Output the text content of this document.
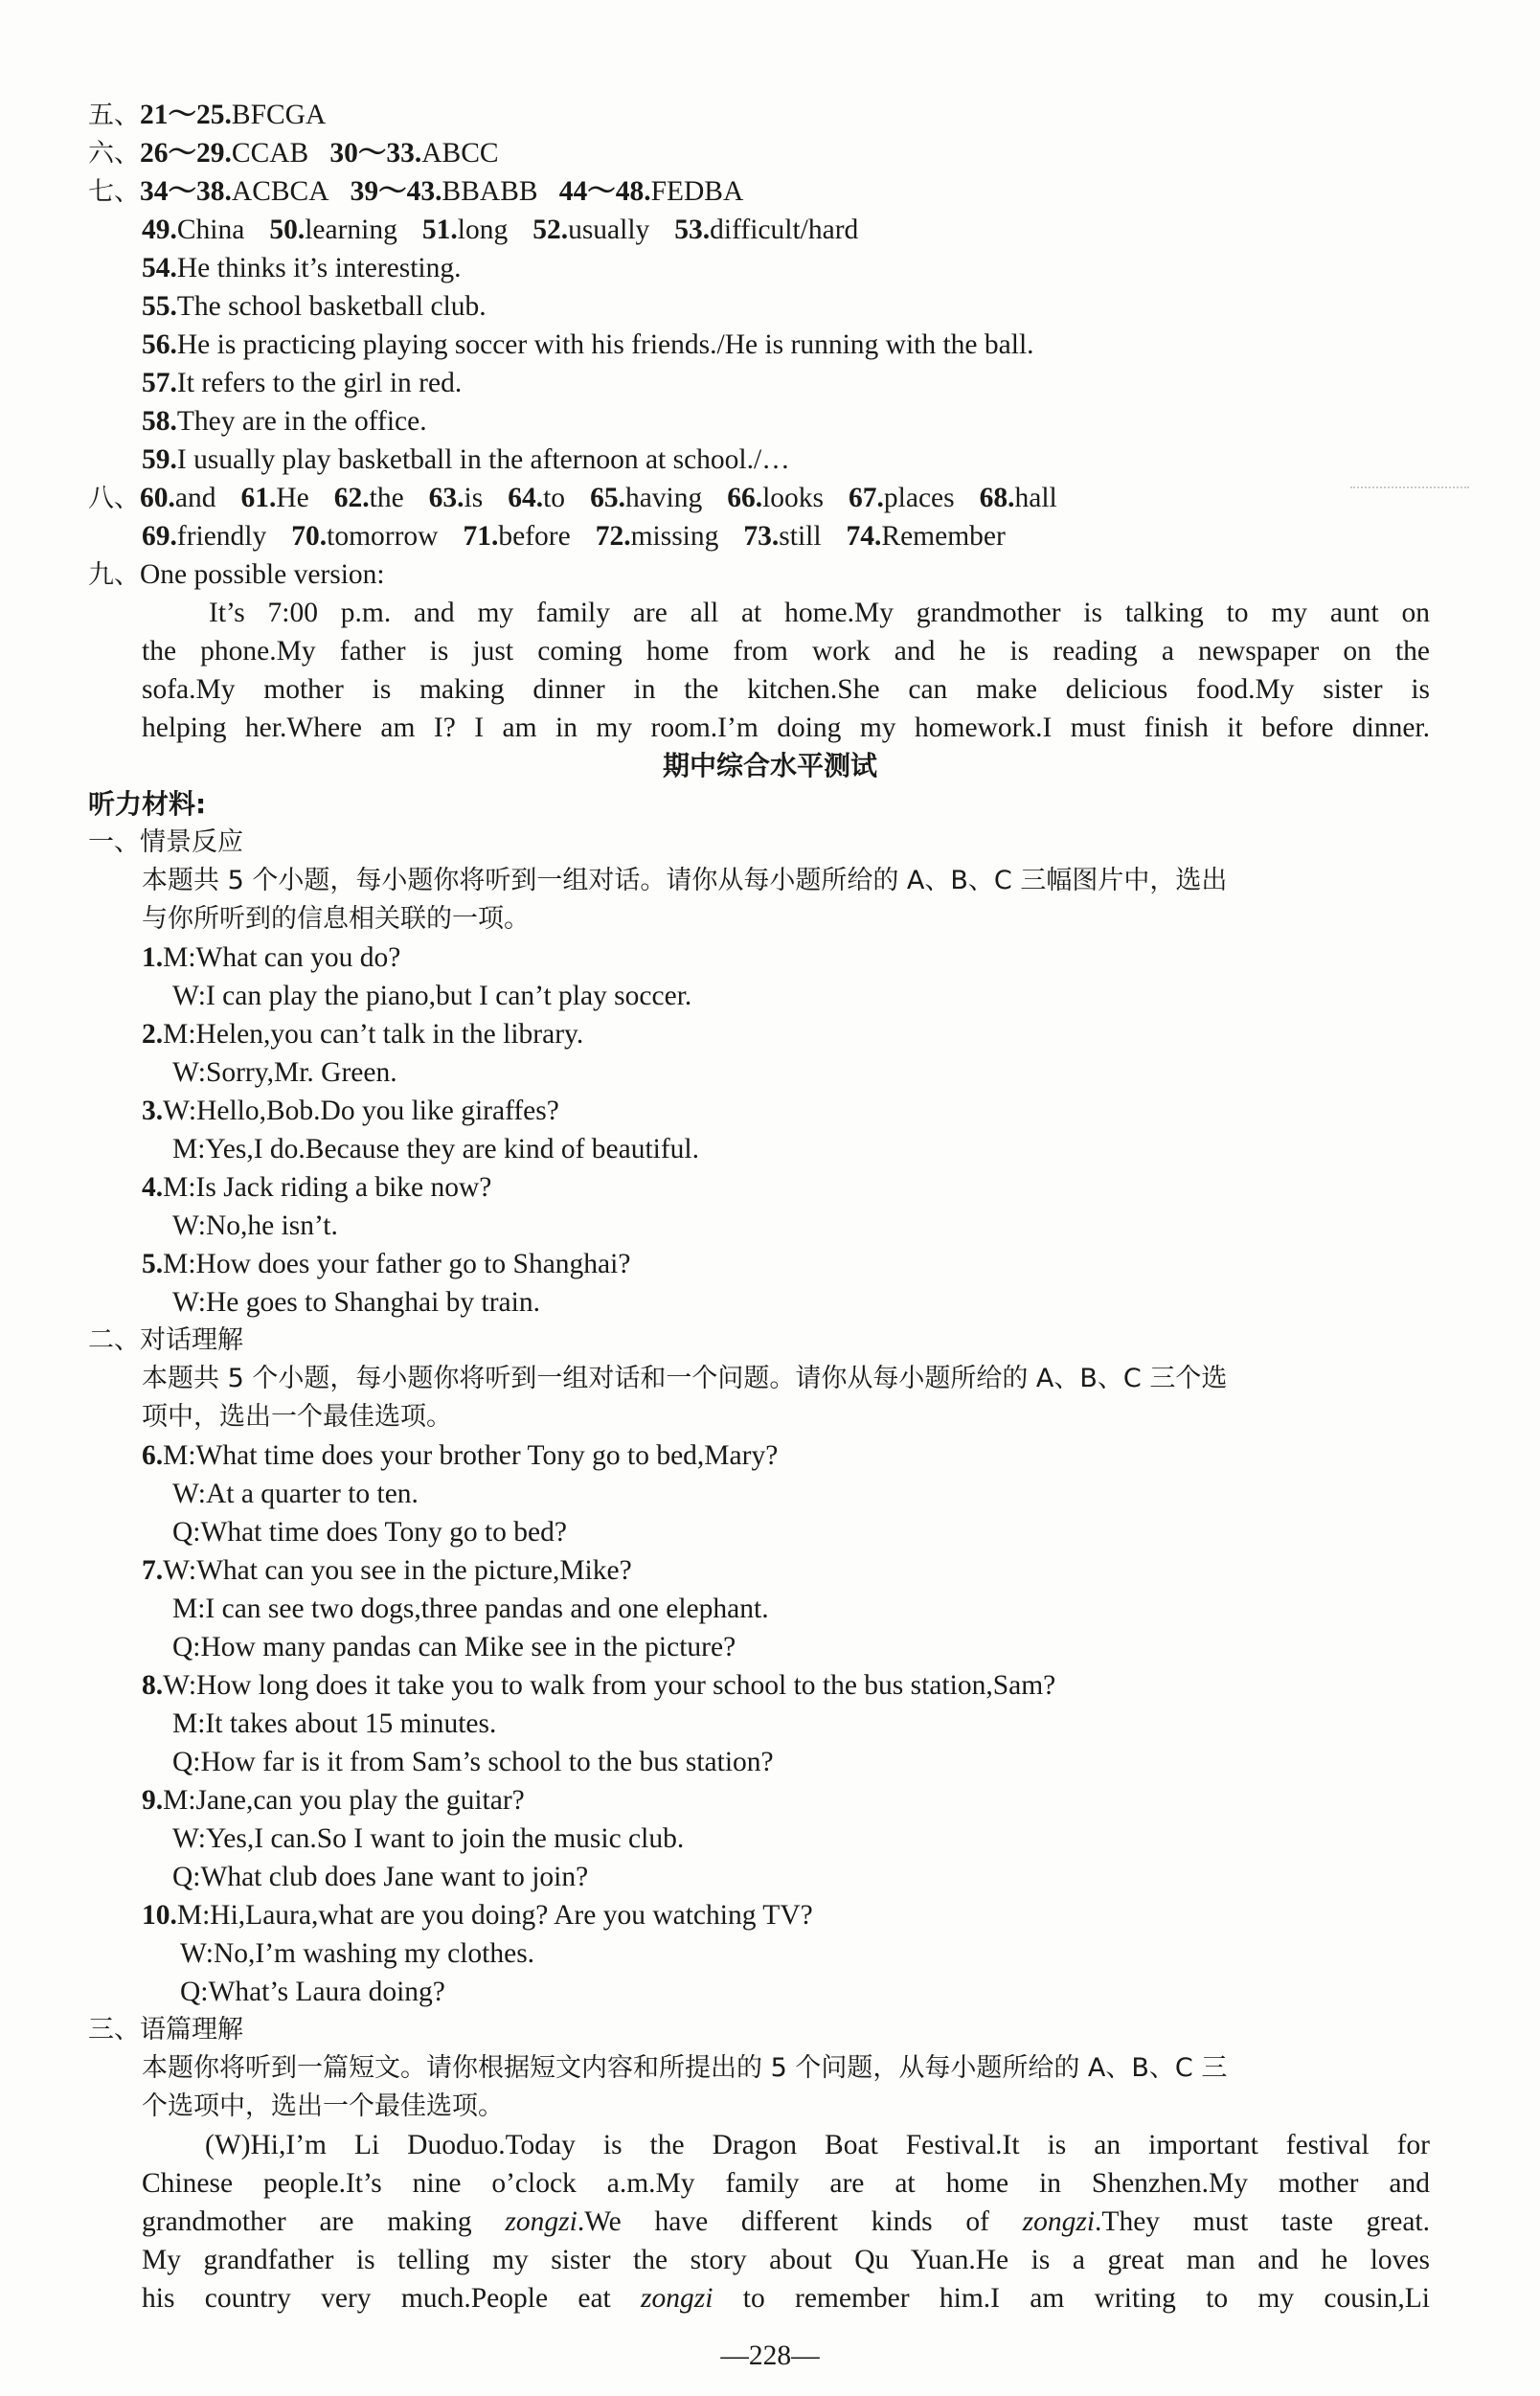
五、21～25.BFCGA
六、26～29.CCAB 30～33.ABCC
七、34～38.ACBCA 39～43.BBABB 44～48.FEDBA
49.China 50.learning 51.long 52.usually 53.difficult/hard
54.He thinks it’s interesting.
55.The school basketball club.
56.He is practicing playing soccer with his friends./He is running with the ball.
57.It refers to the girl in red.
58.They are in the office.
59.I usually play basketball in the afternoon at school./…
八、60.and 61.He 62.the 63.is 64.to 65.having 66.looks 67.places 68.hall
69.friendly 70.tomorrow 71.before 72.missing 73.still 74.Remember
九、One possible version:
It’s 7:00 p.m. and my family are all at home.My grandmother is talking to my aunt on
the phone.My father is just coming home from work and he is reading a newspaper on the
sofa.My mother is making dinner in the kitchen.She can make delicious food.My sister is
helping her.Where am I? I am in my room.I’m doing my homework.I must finish it before dinner.
期中综合水平测试
听力材料:
一、情景反应
本题共 5 个小题，每小题你将听到一组对话。请你从每小题所给的 A、B、C 三幅图片中，选出
与你所听到的信息相关联的一项。
1.M:What can you do?
W:I can play the piano,but I can’t play soccer.
2.M:Helen,you can’t talk in the library.
W:Sorry,Mr. Green.
3.W:Hello,Bob.Do you like giraffes?
M:Yes,I do.Because they are kind of beautiful.
4.M:Is Jack riding a bike now?
W:No,he isn’t.
5.M:How does your father go to Shanghai?
W:He goes to Shanghai by train.
二、对话理解
本题共 5 个小题，每小题你将听到一组对话和一个问题。请你从每小题所给的 A、B、C 三个选
项中，选出一个最佳选项。
6.M:What time does your brother Tony go to bed,Mary?
W:At a quarter to ten.
Q:What time does Tony go to bed?
7.W:What can you see in the picture,Mike?
M:I can see two dogs,three pandas and one elephant.
Q:How many pandas can Mike see in the picture?
8.W:How long does it take you to walk from your school to the bus station,Sam?
M:It takes about 15 minutes.
Q:How far is it from Sam’s school to the bus station?
9.M:Jane,can you play the guitar?
W:Yes,I can.So I want to join the music club.
Q:What club does Jane want to join?
10.M:Hi,Laura,what are you doing? Are you watching TV?
W:No,I’m washing my clothes.
Q:What’s Laura doing?
三、语篇理解
本题你将听到一篇短文。请你根据短文内容和所提出的 5 个问题，从每小题所给的 A、B、C 三
个选项中，选出一个最佳选项。
(W)Hi,I’m Li Duoduo.Today is the Dragon Boat Festival.It is an important festival for
Chinese people.It’s nine o’clock a.m.My family are at home in Shenzhen.My mother and
grandmother are making zongzi.We have different kinds of zongzi.They must taste great.
My grandfather is telling my sister the story about Qu Yuan.He is a great man and he loves
his country very much.People eat zongzi to remember him.I am writing to my cousin,Li
—228—
